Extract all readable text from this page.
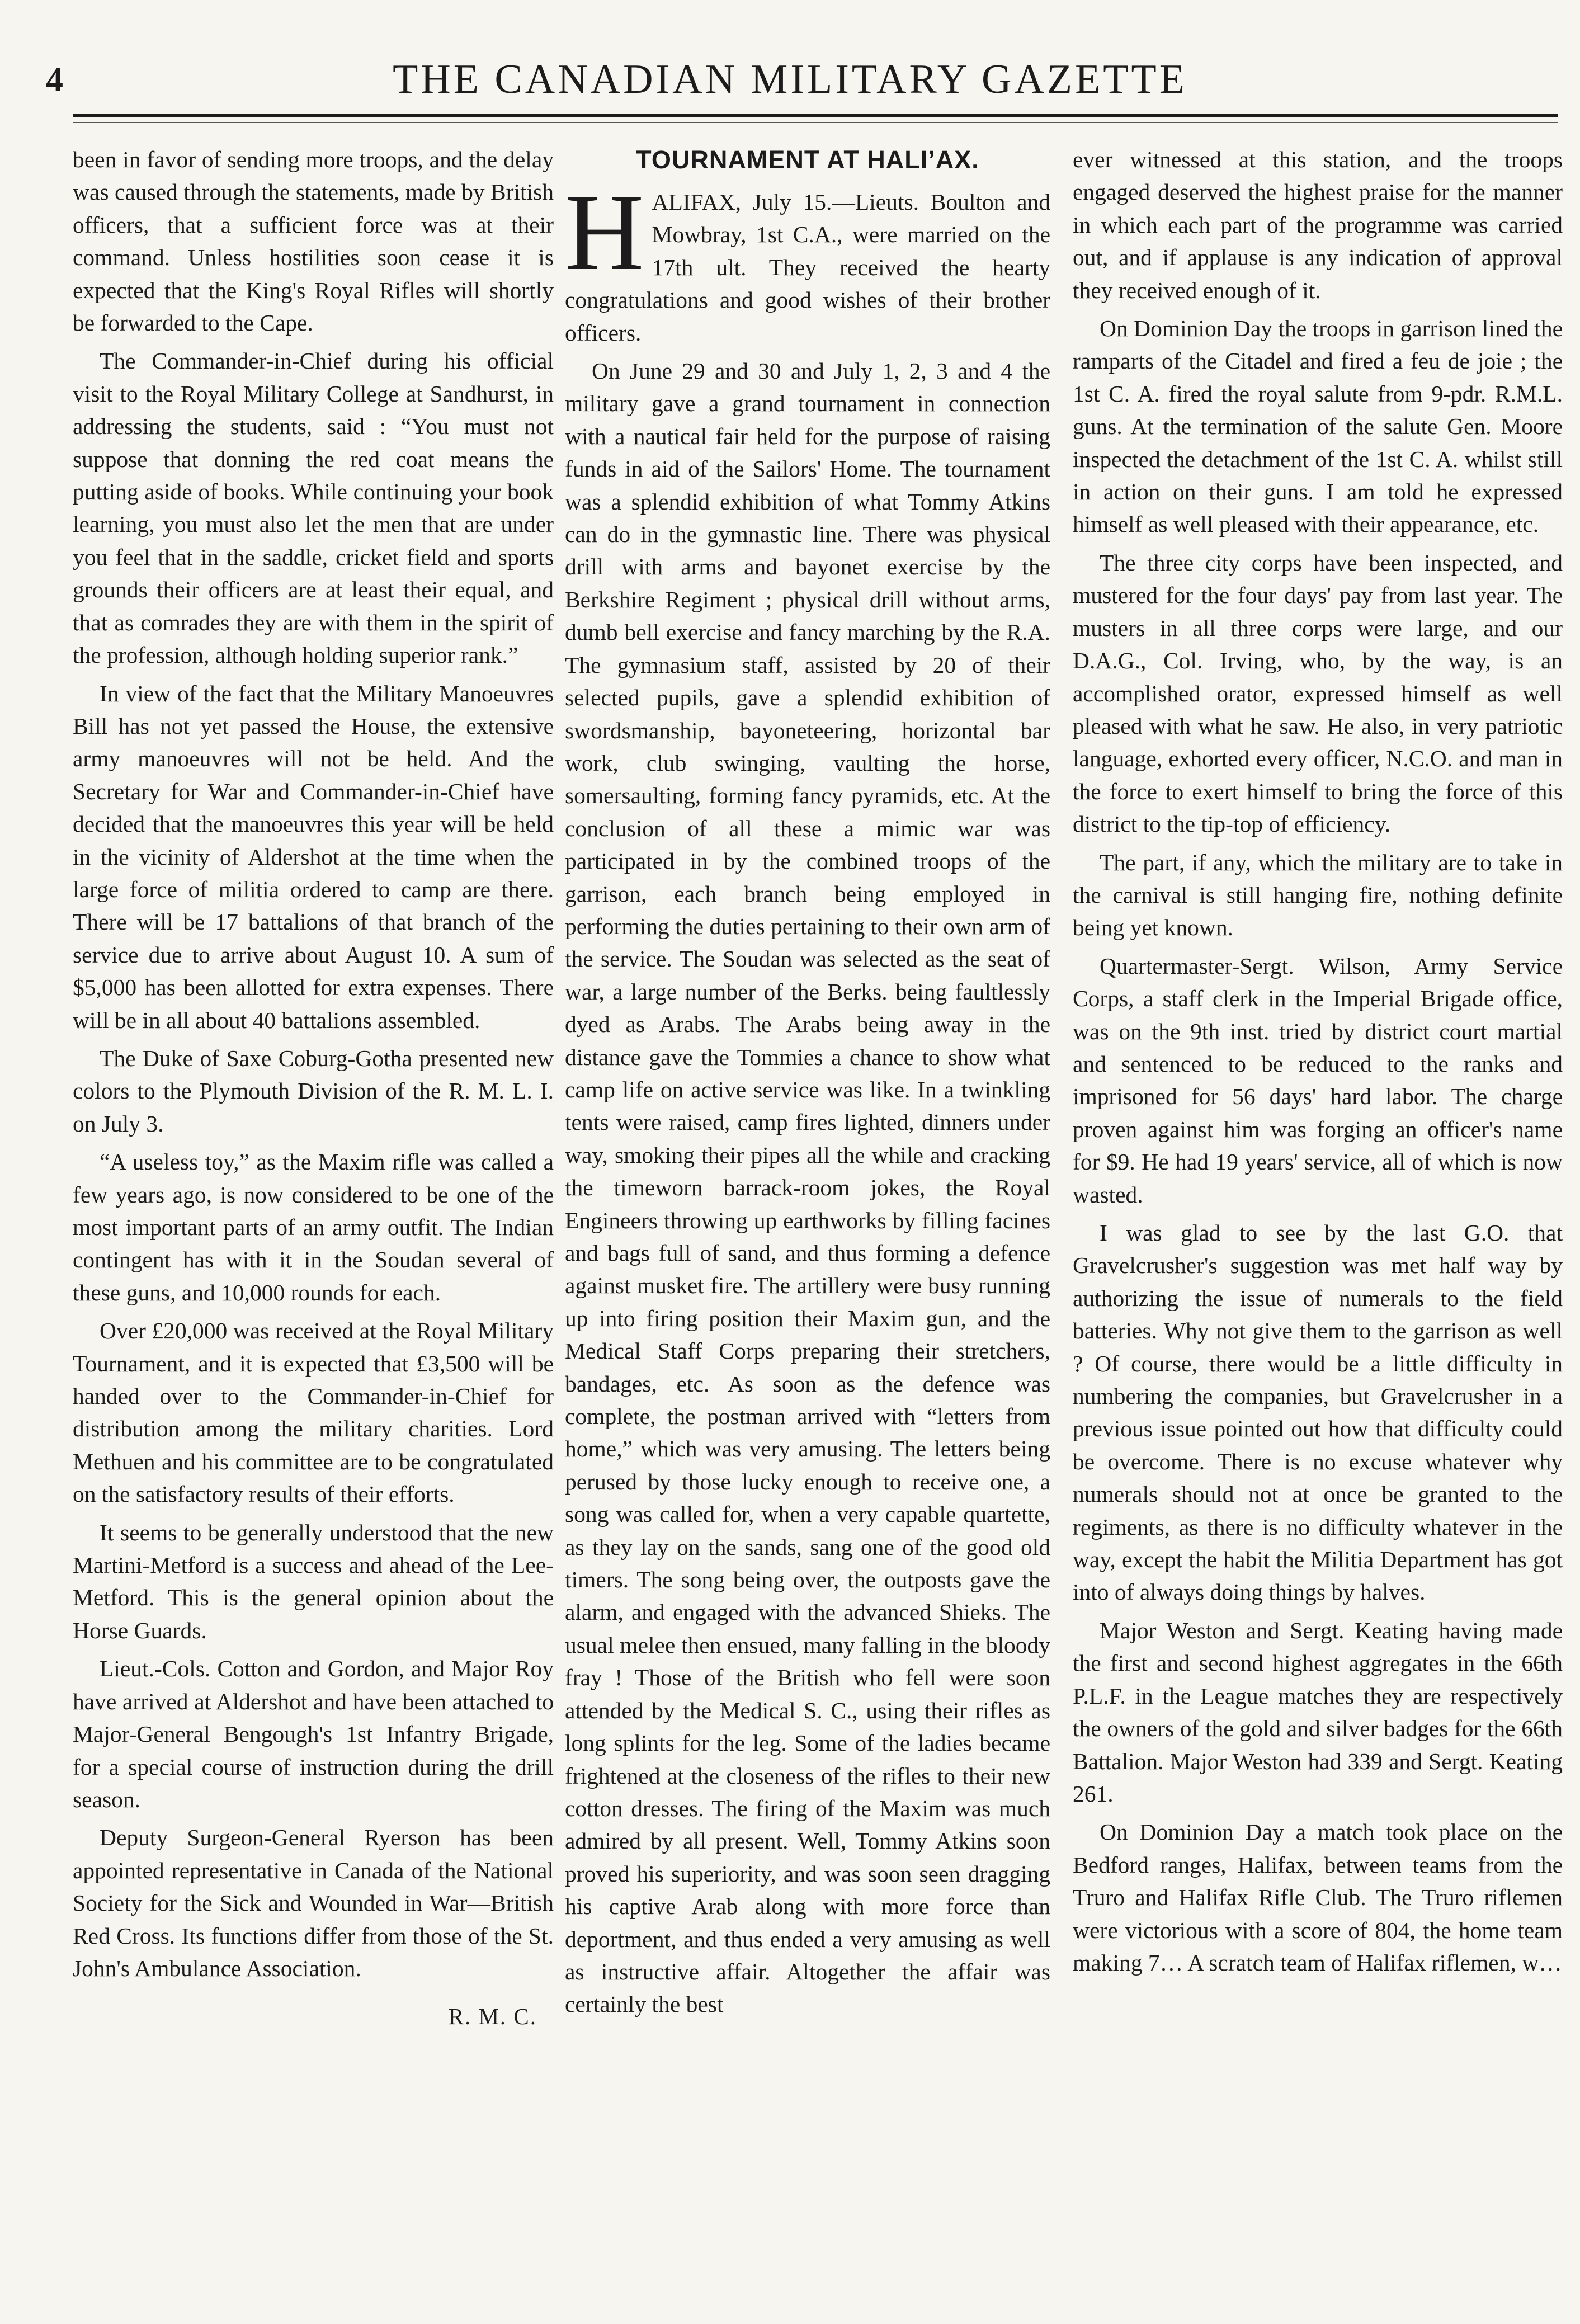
4	THE CANADIAN MILITARY GAZETTE

been in favor of sending more troops, and the delay was caused through the statements, made by British officers, that a sufficient force was at their command. Unless hostilities soon cease it is expected that the King's Royal Rifles will shortly be forwarded to the Cape.

The Commander-in-Chief during his official visit to the Royal Military College at Sandhurst, in addressing the students, said : “You must not suppose that donning the red coat means the putting aside of books. While continuing your book learning, you must also let the men that are under you feel that in the saddle, cricket field and sports grounds their officers are at least their equal, and that as comrades they are with them in the spirit of the profession, although holding superior rank.”

In view of the fact that the Military Manoeuvres Bill has not yet passed the House, the extensive army manoeuvres will not be held. And the Secretary for War and Commander-in-Chief have decided that the manoeuvres this year will be held in the vicinity of Aldershot at the time when the large force of militia ordered to camp are there. There will be 17 battalions of that branch of the service due to arrive about August 10. A sum of $5,000 has been allotted for extra expenses. There will be in all about 40 battalions assembled.

The Duke of Saxe Coburg-Gotha presented new colors to the Plymouth Division of the R. M. L. I. on July 3.

“A useless toy,” as the Maxim rifle was called a few years ago, is now considered to be one of the most important parts of an army outfit. The Indian contingent has with it in the Soudan several of these guns, and 10,000 rounds for each.

Over £20,000 was received at the Royal Military Tournament, and it is expected that £3,500 will be handed over to the Commander-in-Chief for distribution among the military charities. Lord Methuen and his committee are to be congratulated on the satisfactory results of their efforts.

It seems to be generally understood that the new Martini-Metford is a success and ahead of the Lee-Metford. This is the general opinion about the Horse Guards.

Lieut.-Cols. Cotton and Gordon, and Major Roy have arrived at Aldershot and have been attached to Major-General Bengough's 1st Infantry Brigade, for a special course of instruction during the drill season.

Deputy Surgeon-General Ryerson has been appointed representative in Canada of the National Society for the Sick and Wounded in War—British Red Cross. Its functions differ from those of the St. John's Ambulance Association.

R. M. C.
TOURNAMENT AT HALI’AX.

HALIFAX, July 15.—Lieuts. Boulton and Mowbray, 1st C.A., were married on the 17th ult. They received the hearty congratulations and good wishes of their brother officers.

On June 29 and 30 and July 1, 2, 3 and 4 the military gave a grand tournament in connection with a nautical fair held for the purpose of raising funds in aid of the Sailors' Home. The tournament was a splendid exhibition of what Tommy Atkins can do in the gymnastic line. There was physical drill with arms and bayonet exercise by the Berkshire Regiment ; physical drill without arms, dumb bell exercise and fancy marching by the R.A. The gymnasium staff, assisted by 20 of their selected pupils, gave a splendid exhibition of swordsmanship, bayoneteering, horizontal bar work, club swinging, vaulting the horse, somersaulting, forming fancy pyramids, etc. At the conclusion of all these a mimic war was participated in by the combined troops of the garrison, each branch being employed in performing the duties pertaining to their own arm of the service. The Soudan was selected as the seat of war, a large number of the Berks. being faultlessly dyed as Arabs. The Arabs being away in the distance gave the Tommies a chance to show what camp life on active service was like. In a twinkling tents were raised, camp fires lighted, dinners under way, smoking their pipes all the while and cracking the timeworn barrack-room jokes, the Royal Engineers throwing up earthworks by filling facines and bags full of sand, and thus forming a defence against musket fire. The artillery were busy running up into firing position their Maxim gun, and the Medical Staff Corps preparing their stretchers, bandages, etc. As soon as the defence was complete, the postman arrived with “letters from home,” which was very amusing. The letters being perused by those lucky enough to receive one, a song was called for, when a very capable quartette, as they lay on the sands, sang one of the good old timers. The song being over, the outposts gave the alarm, and engaged with the advanced Shieks. The usual melee then ensued, many falling in the bloody fray ! Those of the British who fell were soon attended by the Medical S. C., using their rifles as long splints for the leg. Some of the ladies became frightened at the closeness of the rifles to their new cotton dresses. The firing of the Maxim was much admired by all present. Well, Tommy Atkins soon proved his superiority, and was soon seen dragging his captive Arab along with more force than deportment, and thus ended a very amusing as well as instructive affair. Altogether the affair was certainly the best

ever witnessed at this station, and the troops engaged deserved the highest praise for the manner in which each part of the programme was carried out, and if applause is any indication of approval they received enough of it.

On Dominion Day the troops in garrison lined the ramparts of the Citadel and fired a feu de joie ; the 1st C. A. fired the royal salute from 9-pdr. R.M.L. guns. At the termination of the salute Gen. Moore inspected the detachment of the 1st C. A. whilst still in action on their guns. I am told he expressed himself as well pleased with their appearance, etc.

The three city corps have been inspected, and mustered for the four days' pay from last year. The musters in all three corps were large, and our D.A.G., Col. Irving, who, by the way, is an accomplished orator, expressed himself as well pleased with what he saw. He also, in very patriotic language, exhorted every officer, N.C.O. and man in the force to exert himself to bring the force of this district to the tip-top of efficiency.

The part, if any, which the military are to take in the carnival is still hanging fire, nothing definite being yet known.

Quartermaster-Sergt. Wilson, Army Service Corps, a staff clerk in the Imperial Brigade office, was on the 9th inst. tried by district court martial and sentenced to be reduced to the ranks and imprisoned for 56 days' hard labor. The charge proven against him was forging an officer's name for $9. He had 19 years' service, all of which is now wasted.

I was glad to see by the last G.O. that Gravelcrusher's suggestion was met half way by authorizing the issue of numerals to the field batteries. Why not give them to the garrison as well ? Of course, there would be a little difficulty in numbering the companies, but Gravelcrusher in a previous issue pointed out how that difficulty could be overcome. There is no excuse whatever why numerals should not at once be granted to the regiments, as there is no difficulty whatever in the way, except the habit the Militia Department has got into of always doing things by halves.

Major Weston and Sergt. Keating having made the first and second highest aggregates in the 66th P.L.F. in the League matches they are respectively the owners of the gold and silver badges for the 66th Battalion. Major Weston had 339 and Sergt. Keating 261.

On Dominion Day a match took place on the Bedford ranges, Halifax, between teams from the Truro and Halifax Rifle Club. The Truro riflemen were victorious with a score of 804, the home team making 7… A scratch team of Halifax riflemen, w…
